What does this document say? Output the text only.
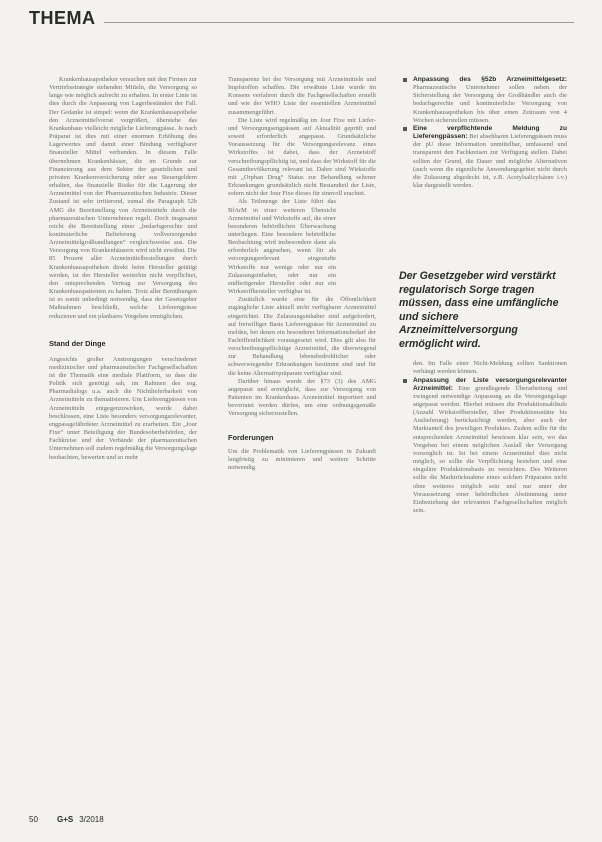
THEMA

Krankenhausapotheker versuchen mit den Firmen zur Vertriebsstrategie stehenden Mitteln, die Versorgung so lange wie möglich aufrecht zu erhalten. In erster Linie ist dies durch die Anpassung von Lagerbeständen der Fall. Der Gedanke ist simpel: wenn die Krankenhausapotheke den Arzneimittelvorrat vergrößert, überstehe das Krankenhaus vielleicht mögliche Lieferengpässe. Je nach Präparat ist dies mit einer enormen Erhöhung des Lagerwertes und damit einer Bindung verfügbarer finanzieller Mittel verbunden. In diesem Falle übernehmen Krankenhäuser, die im Grunde zur Finanzierung aus dem Sektor der gesetzlichen und privaten Krankenversicherung oder aus Steuergeldern erhalten, das finanzielle Risiko für die Lagerung der Arzneimittel von der Pharmazeutischen Industrie. Dieser Zustand ist sehr irritierend, zumal die Paragraph 52b AMG die Bereitstellung von Arzneimitteln durch die pharmazeutischen Unternehmen regelt. Doch insgesamt reicht die Bereitstellung einer „bedarfsgerechte und kontinuierliche Belieferung vollversorgender Arzneimittelgroßhandlungen“ vergleichsweise aus. Die Versorgung von Krankenhäusern wird nicht erwähnt. Die 85 Prozent aller Arzneimittelbestellungen durch Krankenhausapotheken direkt beim Hersteller getätigt werden, ist der Hersteller weiterhin nicht verpflichtet, den entsprechenden Vertrag zur Versorgung des Krankenhauspatienten zu halten. Trotz aller Bemühungen ist es somit unbedingt notwendig, dass der Gesetzgeber Maßnahmen beschließt, welche Lieferengpässe reduzieren und ein planbares Vorgehen ermöglichen.

Stand der Dinge

Angesichts großer Anstrengungen verschiedener medizinischer und pharmazeutischer Fachgesellschaften ist die Thematik eine mediale Plattform, so dass die Politik sich genötigt sah, im Rahmen des sog. Pharmadialogs u.a. auch die Nichtlieferbarkeit von Arzneimitteln zu thematisieren. Um Lieferengpässen von Arzneimitteln entgegenzuwirken, wurde dabei beschlossen, eine Liste besonders versorgungsrelevanter, engpassgefährdeter Arzneimittel zu erarbeiten. Ein „Jour Fixe“ unter Beteiligung der Bundesoberbehörden, der Fachkreise und der Verbände der pharmazeutischen Unternehmen soll zudem regelmäßig die Versorgungslage beobachten, bewerten und so mehr

Transparenz bei der Versorgung mit Arzneimitteln und Impfstoffen schaffen. Die erwähnte Liste wurde im Konsens verfahren durch die Fachgesellschaften erstellt und wie der WHO Liste der essentiellen Arzneimittel zusammengeführt.

Die Liste wird regelmäßig im Jour Fixe mit Liefer- und Versorgungsengpässen auf Aktualität geprüft und soweit erforderlich angepasst. Grundsätzliche Voraussetzung für die Versorgungsrelevanz eines Wirkstoffes ist dabei, dass der Arzneistoff verschreibungspflichtig ist, und dass der Wirkstoff für die Gesamtbevölkerung relevant ist. Daher sind Wirkstoffe mit „Orphan Drug“ Status zur Behandlung seltener Erkrankungen grundsätzlich nicht Bestandteil der Liste, sofern nicht der Jour Fixe dieses für sinnvoll erachtet.

Als Teilmenge der Liste führt das BfArM in einer weiteren Übersicht Arzneimittel und Wirkstoffe auf, die einer besonderen behördlichen Überwachung unterliegen. Eine besondere behördliche Beobachtung wird insbesondere dann als erforderlich angesehen, wenn für als versorgungsrelevant eingestufte Wirkstoffe nur wenige oder nur ein Zulassungsinhaber, oder nur ein endfertigender Hersteller oder nur ein Wirkstoffhersteller verfügbar ist.

Zusätzlich wurde eine für die Öffentlichkeit zugängliche Liste aktuell nicht verfügbarer Arzneimittel eingerichtet. Die Zulassungsinhaber sind aufgefordert, auf freiwilliger Basis Lieferengpässe für Arzneimittel zu melden, bei denen ein besonderer Informationsbedarf der Fachöffentlichkeit vorausgesetzt wird. Dies gilt also für verschreibungspflichtige Arzneimittel, die überwiegend zur Behandlung lebensbedrohlicher oder schwerwiegender Erkrankungen bestimmt sind und für die keine Alternativpräparate verfügbar sind.

Darüber hinaus wurde der §73 (3) des AMG angepasst und ermöglicht, dass zur Versorgung von Patienten im Krankenhaus Arzneimittel importiert und bevorratet werden dürfen, um eine ordnungsgemäße Versorgung sicherzustellen.

Forderungen

Um die Problematik von Lieferengpässen in Zukunft langfristig zu minimieren und weitere Schritte notwendig.

Anpassung des §52b Arzneimittelgesetz: Pharmazeutische Unternehmer sollen neben der Sicherstellung der Versorgung der Großhändler auch die bedarfsgerechte und kontinuierliche Versorgung von Krankenhausapotheken bis über einen Zeitraum von 4 Wochen sicherstellen müssen.
Eine verpflichtende Meldung zu Lieferengpässen: Bei absehbaren Lieferengpässen muss der pU diese Information unmittelbar, umfassend und transparent den Fachkreisen zur Verfügung stellen. Dabei sollten der Grund, die Dauer und mögliche Alternativen (auch wenn die eigentliche Anwendungsgebiet nicht durch die Zulassung abgedeckt ist, z.B. Acetylsalicylsäure i.v.) klar dargestellt werden.

den. Im Falle einer Nicht-Meldung sollten Sanktionen verhängt werden können.

Anpassung der Liste versorgungsrelevanter Arzneimittel: Eine grundlegende Überarbeitung und zwingend notwendige Anpassung an die Versorgungslage angepasst werden. Hierbei müssen die Produktionsabläufe (Anzahl Wirkstoffhersteller, über Produktionsstätte bis Auslieferung) berücksichtigt werden, aber auch der Marktanteil des jeweiligen Produktes. Zudem sollte für die entsprechenden Arzneimittel bewiesen klar sein, wo das Vorgehen bei einem möglichen Ausfall der Versorgung vorsorglich ist. Ist bei einem Arzneimittel dies nicht möglich, so sollte die Verpflichtung bestehen und eine singuläre Produktionsbasis zu verzichten. Des Weiteren sollte die Marktrücknahme eines solchen Präparates nicht ohne weiteres möglich sein und nur unter der Voraussetzung einer behördlichen Abstimmung unter Einbeziehung der relevanten Fachgesellschaften möglich sein.
Der Gesetzgeber wird verstärkt regulatorisch Sorge tragen müssen, dass eine umfängliche und sichere Arzneimittelversorgung ermöglicht wird.
50	G+S 3/2018
